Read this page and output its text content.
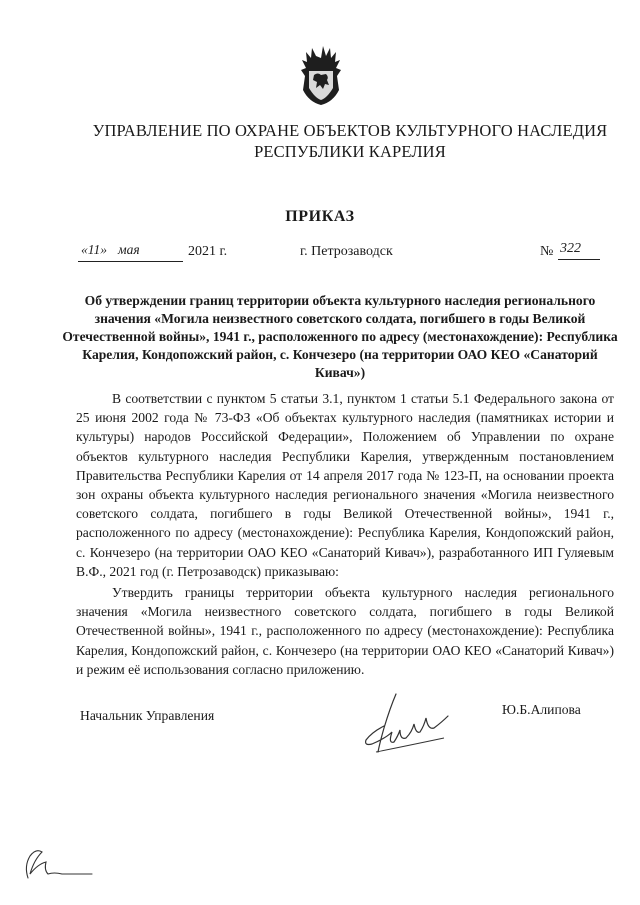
УПРАВЛЕНИЕ ПО ОХРАНЕ ОБЪЕКТОВ КУЛЬТУРНОГО НАСЛЕДИЯ
РЕСПУБЛИКИ КАРЕЛИЯ
ПРИКАЗ
«11» мая	2021 г.	г. Петрозаводск	№ 322
Об утверждении границ территории объекта культурного наследия регионального значения «Могила неизвестного советского солдата, погибшего в годы Великой Отечественной войны», 1941 г., расположенного по адресу (местонахождение): Республика Карелия, Кондопожский район, с. Кончезеро (на территории ОАО КЕО «Санаторий Кивач»)

В соответствии с пунктом 5 статьи 3.1, пунктом 1 статьи 5.1 Федерального закона от 25 июня 2002 года № 73-ФЗ «Об объектах культурного наследия (памятниках истории и культуры) народов Российской Федерации», Положением об Управлении по охране объектов культурного наследия Республики Карелия, утвержденным постановлением Правительства Республики Карелия от 14 апреля 2017 года № 123-П, на основании проекта зон охраны объекта культурного наследия регионального значения «Могила неизвестного советского солдата, погибшего в годы Великой Отечественной войны», 1941 г., расположенного по адресу (местонахождение): Республика Карелия, Кондопожский район, с. Кончезеро (на территории ОАО КЕО «Санаторий Кивач»), разработанного ИП Гуляевым В.Ф., 2021 год (г. Петрозаводск) приказываю:

Утвердить границы территории объекта культурного наследия регионального значения «Могила неизвестного советского солдата, погибшего в годы Великой Отечественной войны», 1941 г., расположенного по адресу (местонахождение): Республика Карелия, Кондопожский район, с. Кончезеро (на территории ОАО КЕО «Санаторий Кивач») и режим её использования согласно приложению.

Начальник Управления	Ю.Б.Алипова
